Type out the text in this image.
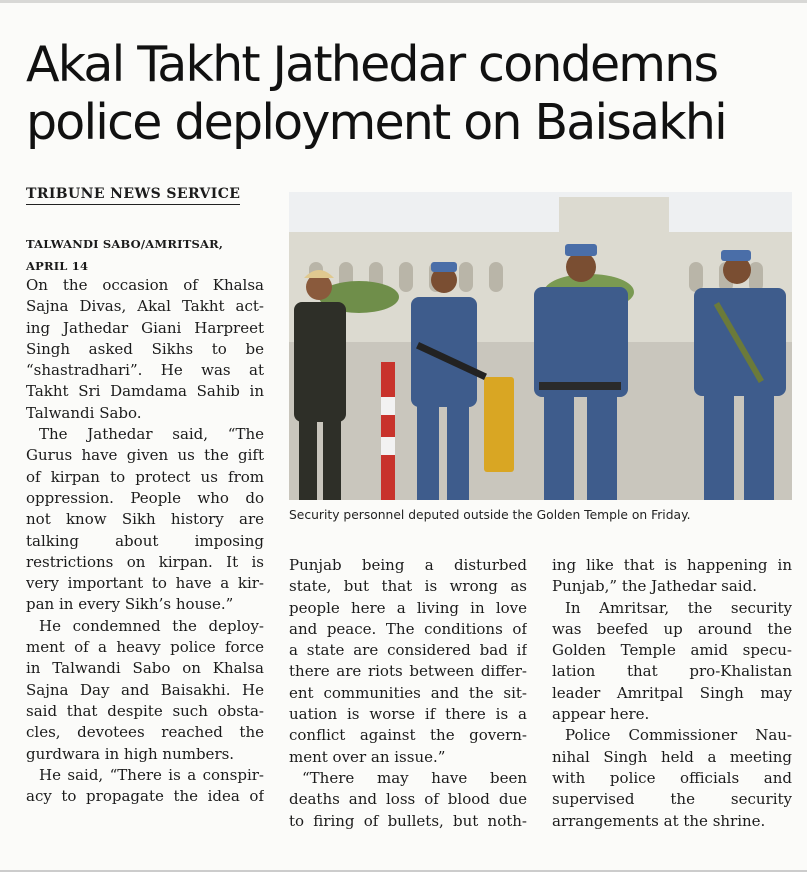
Akal Takht Jathedar condemns
police deployment on Baisakhi
TRIBUNE NEWS SERVICE
TALWANDI SABO/AMRITSAR,
APRIL 14
On the occasion of Khalsa
Sajna Divas, Akal Takht act-
ing Jathedar Giani Harpreet
Singh asked Sikhs to be
“shastradhari”. He was at
Takht Sri Damdama Sahib in
Talwandi Sabo.
The Jathedar said, “The
Gurus have given us the gift
of kirpan to protect us from
oppression. People who do
not know Sikh history are
talking about imposing
restrictions on kirpan. It is
very important to have a kir-
pan in every Sikh’s house.”
He condemned the deploy-
ment of a heavy police force
in Talwandi Sabo on Khalsa
Sajna Day and Baisakhi. He
said that despite such obsta-
cles, devotees reached the
gurdwara in high numbers.
He said, “There is a conspir-
acy to propagate the idea of
Punjab being a disturbed
state, but that is wrong as
people here a living in love
and peace. The conditions of
a state are considered bad if
there are riots between differ-
ent communities and the sit-
uation is worse if there is a
conflict against the govern-
ment over an issue.”
“There may have been
deaths and loss of blood due
to firing of bullets, but noth-
ing like that is happening in
Punjab,” the Jathedar said.
In Amritsar, the security
was beefed up around the
Golden Temple amid specu-
lation that pro-Khalistan
leader Amritpal Singh may
appear here.
Police Commissioner Nau-
nihal Singh held a meeting
with police officials and
supervised the security
arrangements at the shrine.
Security personnel deputed outside the Golden Temple on Friday.
